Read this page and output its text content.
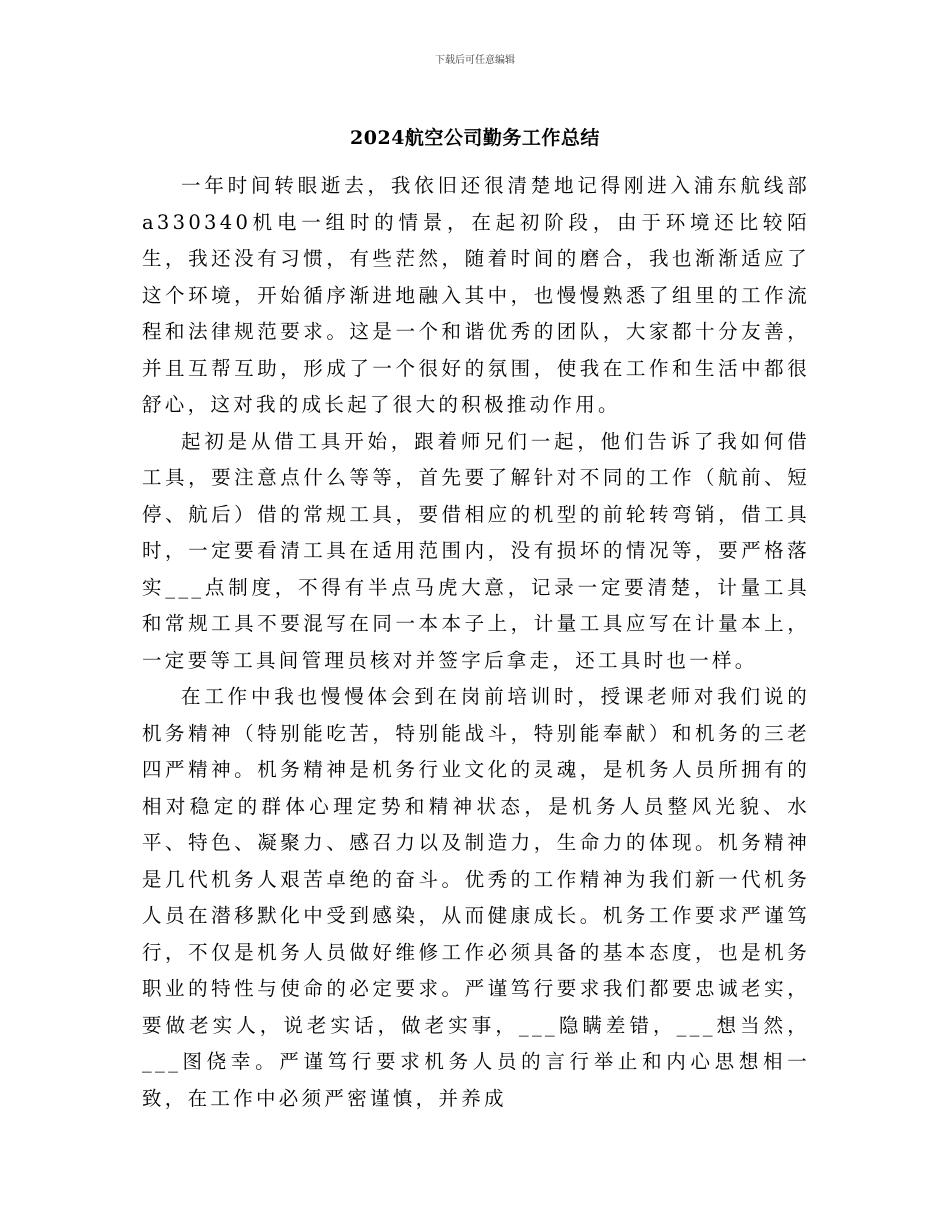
下载后可任意编辑
2024航空公司勤务工作总结

一年时间转眼逝去，我依旧还很清楚地记得刚进入浦东航线部a330340机电一组时的情景，在起初阶段，由于环境还比较陌生，我还没有习惯，有些茫然，随着时间的磨合，我也渐渐适应了这个环境，开始循序渐进地融入其中，也慢慢熟悉了组里的工作流程和法律规范要求。这是一个和谐优秀的团队，大家都十分友善，并且互帮互助，形成了一个很好的氛围，使我在工作和生活中都很舒心，这对我的成长起了很大的积极推动作用。

起初是从借工具开始，跟着师兄们一起，他们告诉了我如何借工具，要注意点什么等等，首先要了解针对不同的工作（航前、短停、航后）借的常规工具，要借相应的机型的前轮转弯销，借工具时，一定要看清工具在适用范围内，没有损坏的情况等，要严格落实___点制度，不得有半点马虎大意，记录一定要清楚，计量工具和常规工具不要混写在同一本本子上，计量工具应写在计量本上，一定要等工具间管理员核对并签字后拿走，还工具时也一样。

在工作中我也慢慢体会到在岗前培训时，授课老师对我们说的机务精神（特别能吃苦，特别能战斗，特别能奉献）和机务的三老四严精神。机务精神是机务行业文化的灵魂，是机务人员所拥有的相对稳定的群体心理定势和精神状态，是机务人员整风光貌、水平、特色、凝聚力、感召力以及制造力，生命力的体现。机务精神是几代机务人艰苦卓绝的奋斗。优秀的工作精神为我们新一代机务人员在潜移默化中受到感染，从而健康成长。机务工作要求严谨笃行，不仅是机务人员做好维修工作必须具备的基本态度，也是机务职业的特性与使命的必定要求。严谨笃行要求我们都要忠诚老实，要做老实人，说老实话，做老实事，___隐瞒差错，___想当然，___图侥幸。严谨笃行要求机务人员的言行举止和内心思想相一致，在工作中必须严密谨慎，并养成
